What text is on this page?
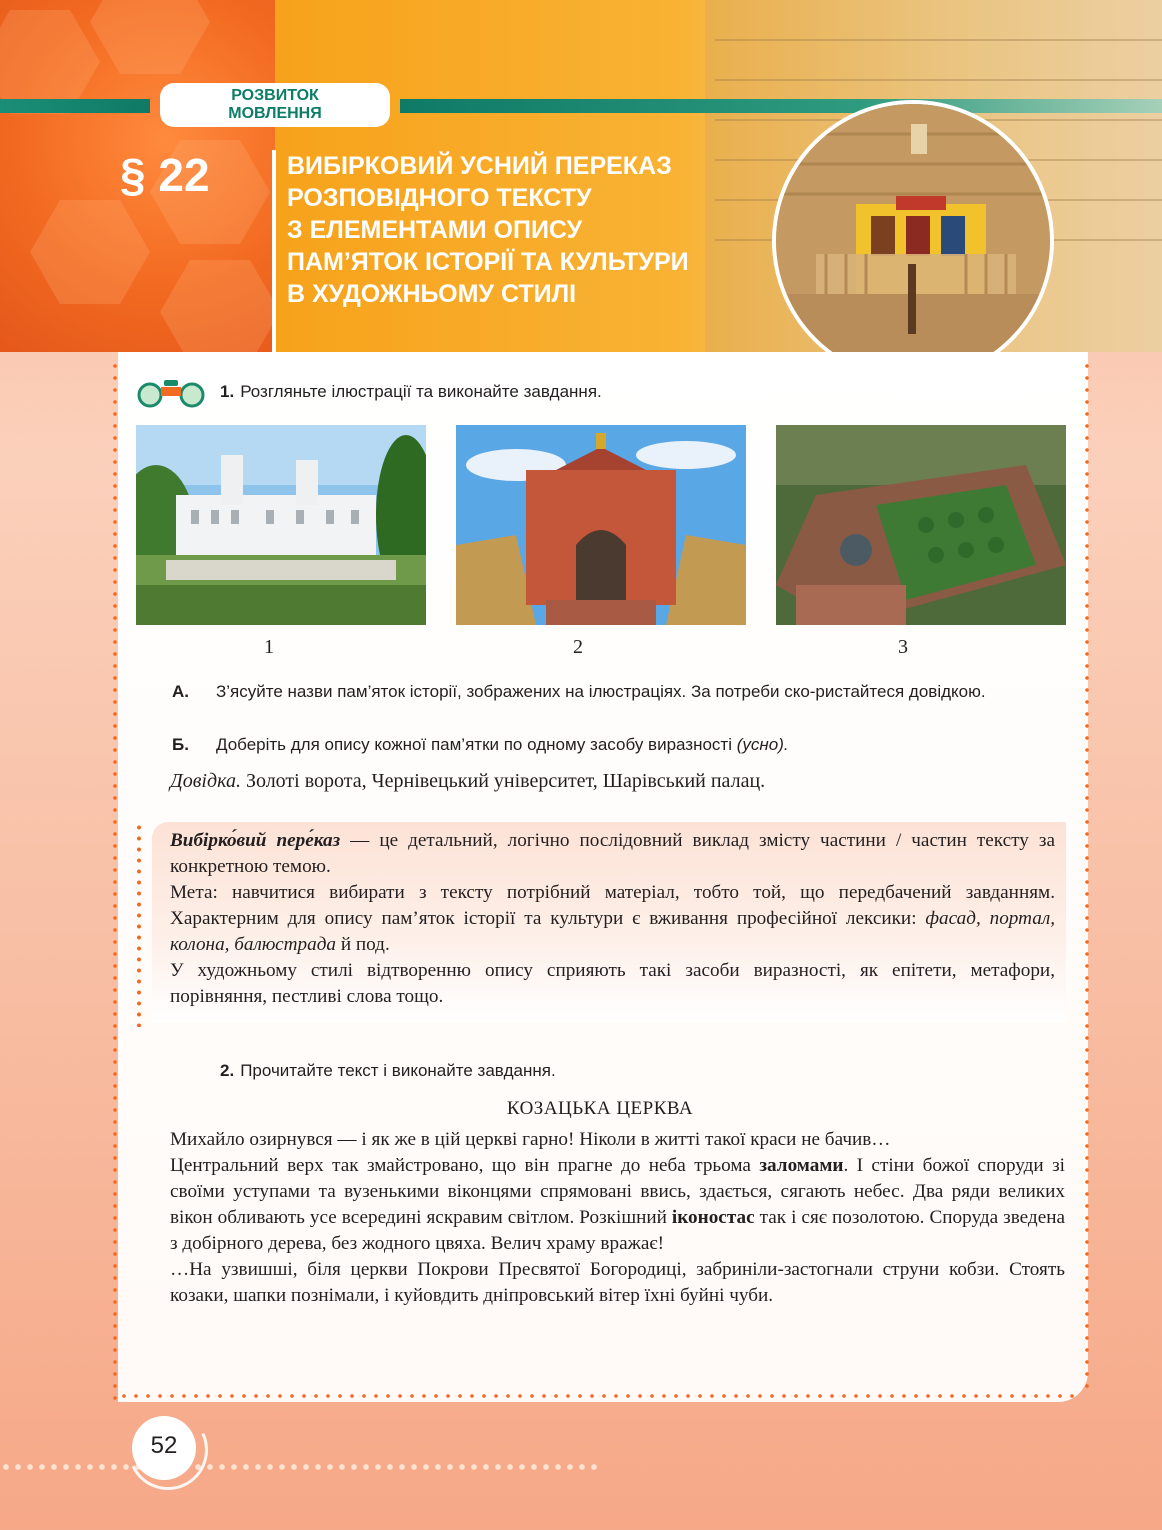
РОЗВИТОК
МОВЛЕННЯ
§ 22	ВИБІРКОВИЙ УСНИЙ ПЕРЕКАЗ
РОЗПОВІДНОГО ТЕКСТУ
З ЕЛЕМЕНТАМИ ОПИСУ
ПАМ’ЯТОК ІСТОРІЇ ТА КУЛЬТУРИ
В ХУДОЖНЬОМУ СТИЛІ
1. Розгляньте ілюстрації та виконайте завдання.
1	2	3
А. З’ясуйте назви пам’яток історії, зображених на ілюстраціях. За потреби ско-ристайтеся довідкою.
Б. Доберіть для опису кожної пам’ятки по одному засобу виразності (усно).
Довідка. Золоті ворота, Чернівецький університет, Шарівський палац.

Вибірко́вий пере́каз — це детальний, логічно послідовний виклад змісту частини / частин тексту за конкретною темою.

Мета: навчитися вибирати з тексту потрібний матеріал, тобто той, що передбачений завданням. Характерним для опису пам’яток історії та культури є вживання професійної лексики: фасад, портал, колона, балюстрада й под.

У художньому стилі відтворенню опису сприяють такі засоби виразності, як епітети, метафори, порівняння, пестливі слова тощо.

2. Прочитайте текст і виконайте завдання.
КОЗАЦЬКА ЦЕРКВА

Михайло озирнувся — і як же в цій церкві гарно! Ніколи в житті такої краси не бачив…

Центральний верх так змайстровано, що він прагне до неба трьома заломами. І стіни божої споруди зі своїми уступами та вузенькими віконцями спрямовані ввись, здається, сягають небес. Два ряди великих вікон обливають усе всередині яскравим світлом. Розкішний іконостас так і сяє позолотою. Споруда зведена з добірного дерева, без жодного цвяха. Велич храму вражає!

…На узвишші, біля церкви Покрови Пресвятої Богородиці, забриніли-застогнали струни кобзи. Стоять козаки, шапки познімали, і куйовдить дніпровський вітер їхні буйні чуби.

52
